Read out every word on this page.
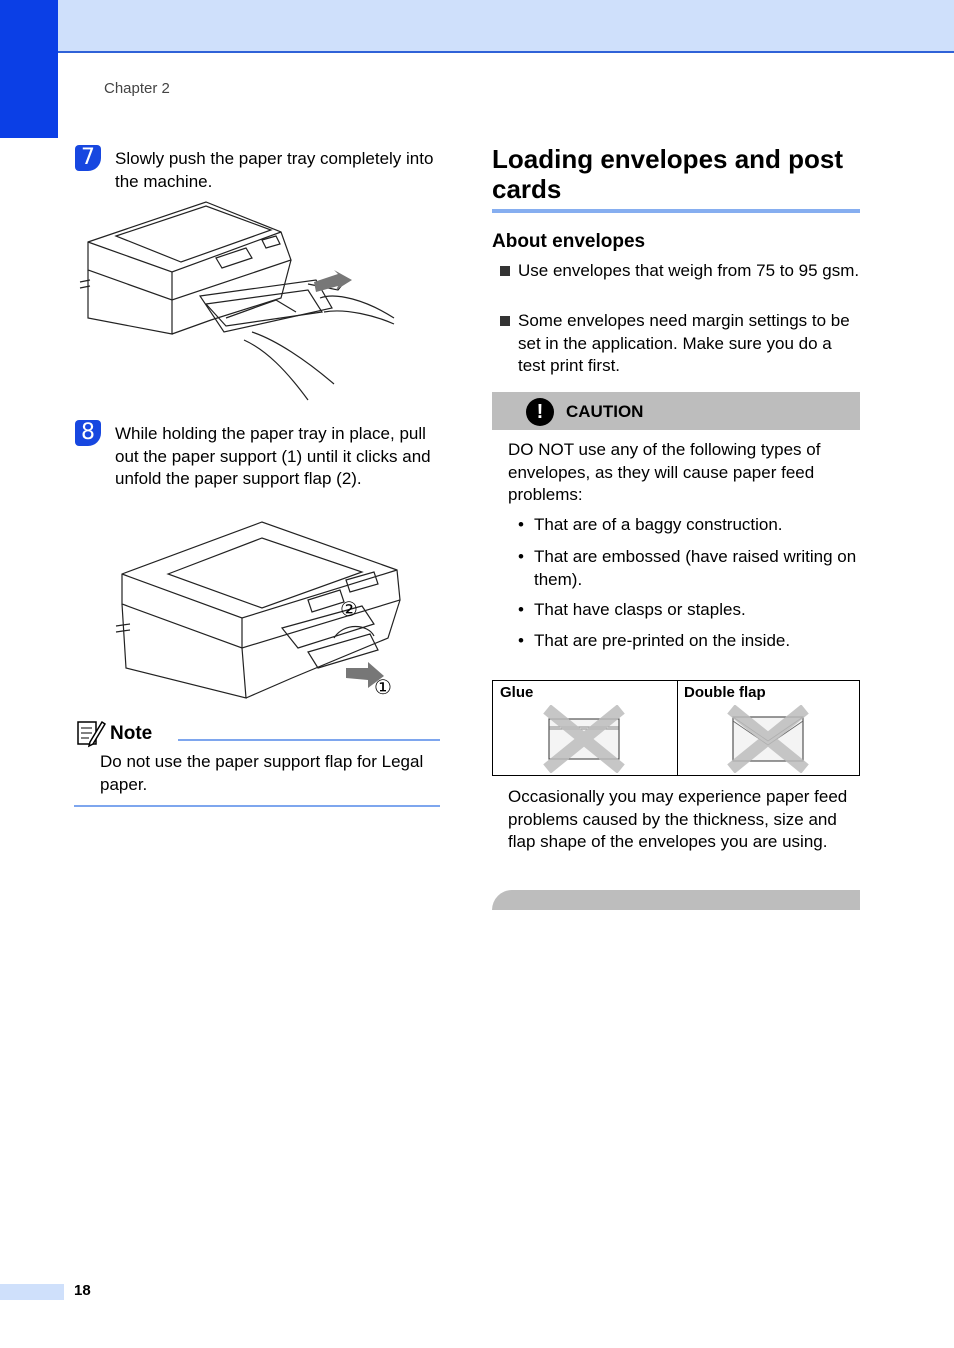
Chapter 2
7	Slowly push the paper tray completely into the machine.
8	While holding the paper tray in place, pull out the paper support (1) until it clicks and unfold the paper support flap (2).
②
①
Note
Do not use the paper support flap for Legal paper.
Loading envelopes and post cards
About envelopes
Use envelopes that weigh from 75 to 95 gsm.
Some envelopes need margin settings to be set in the application. Make sure you do a test print first.
!	CAUTION
DO NOT use any of the following types of envelopes, as they will cause paper feed problems:
• That are of a baggy construction.
• That are embossed (have raised writing on them).
• That have clasps or staples.
• That are pre-printed on the inside.
Glue	Double flap
Occasionally you may experience paper feed problems caused by the thickness, size and flap shape of the envelopes you are using.
18
